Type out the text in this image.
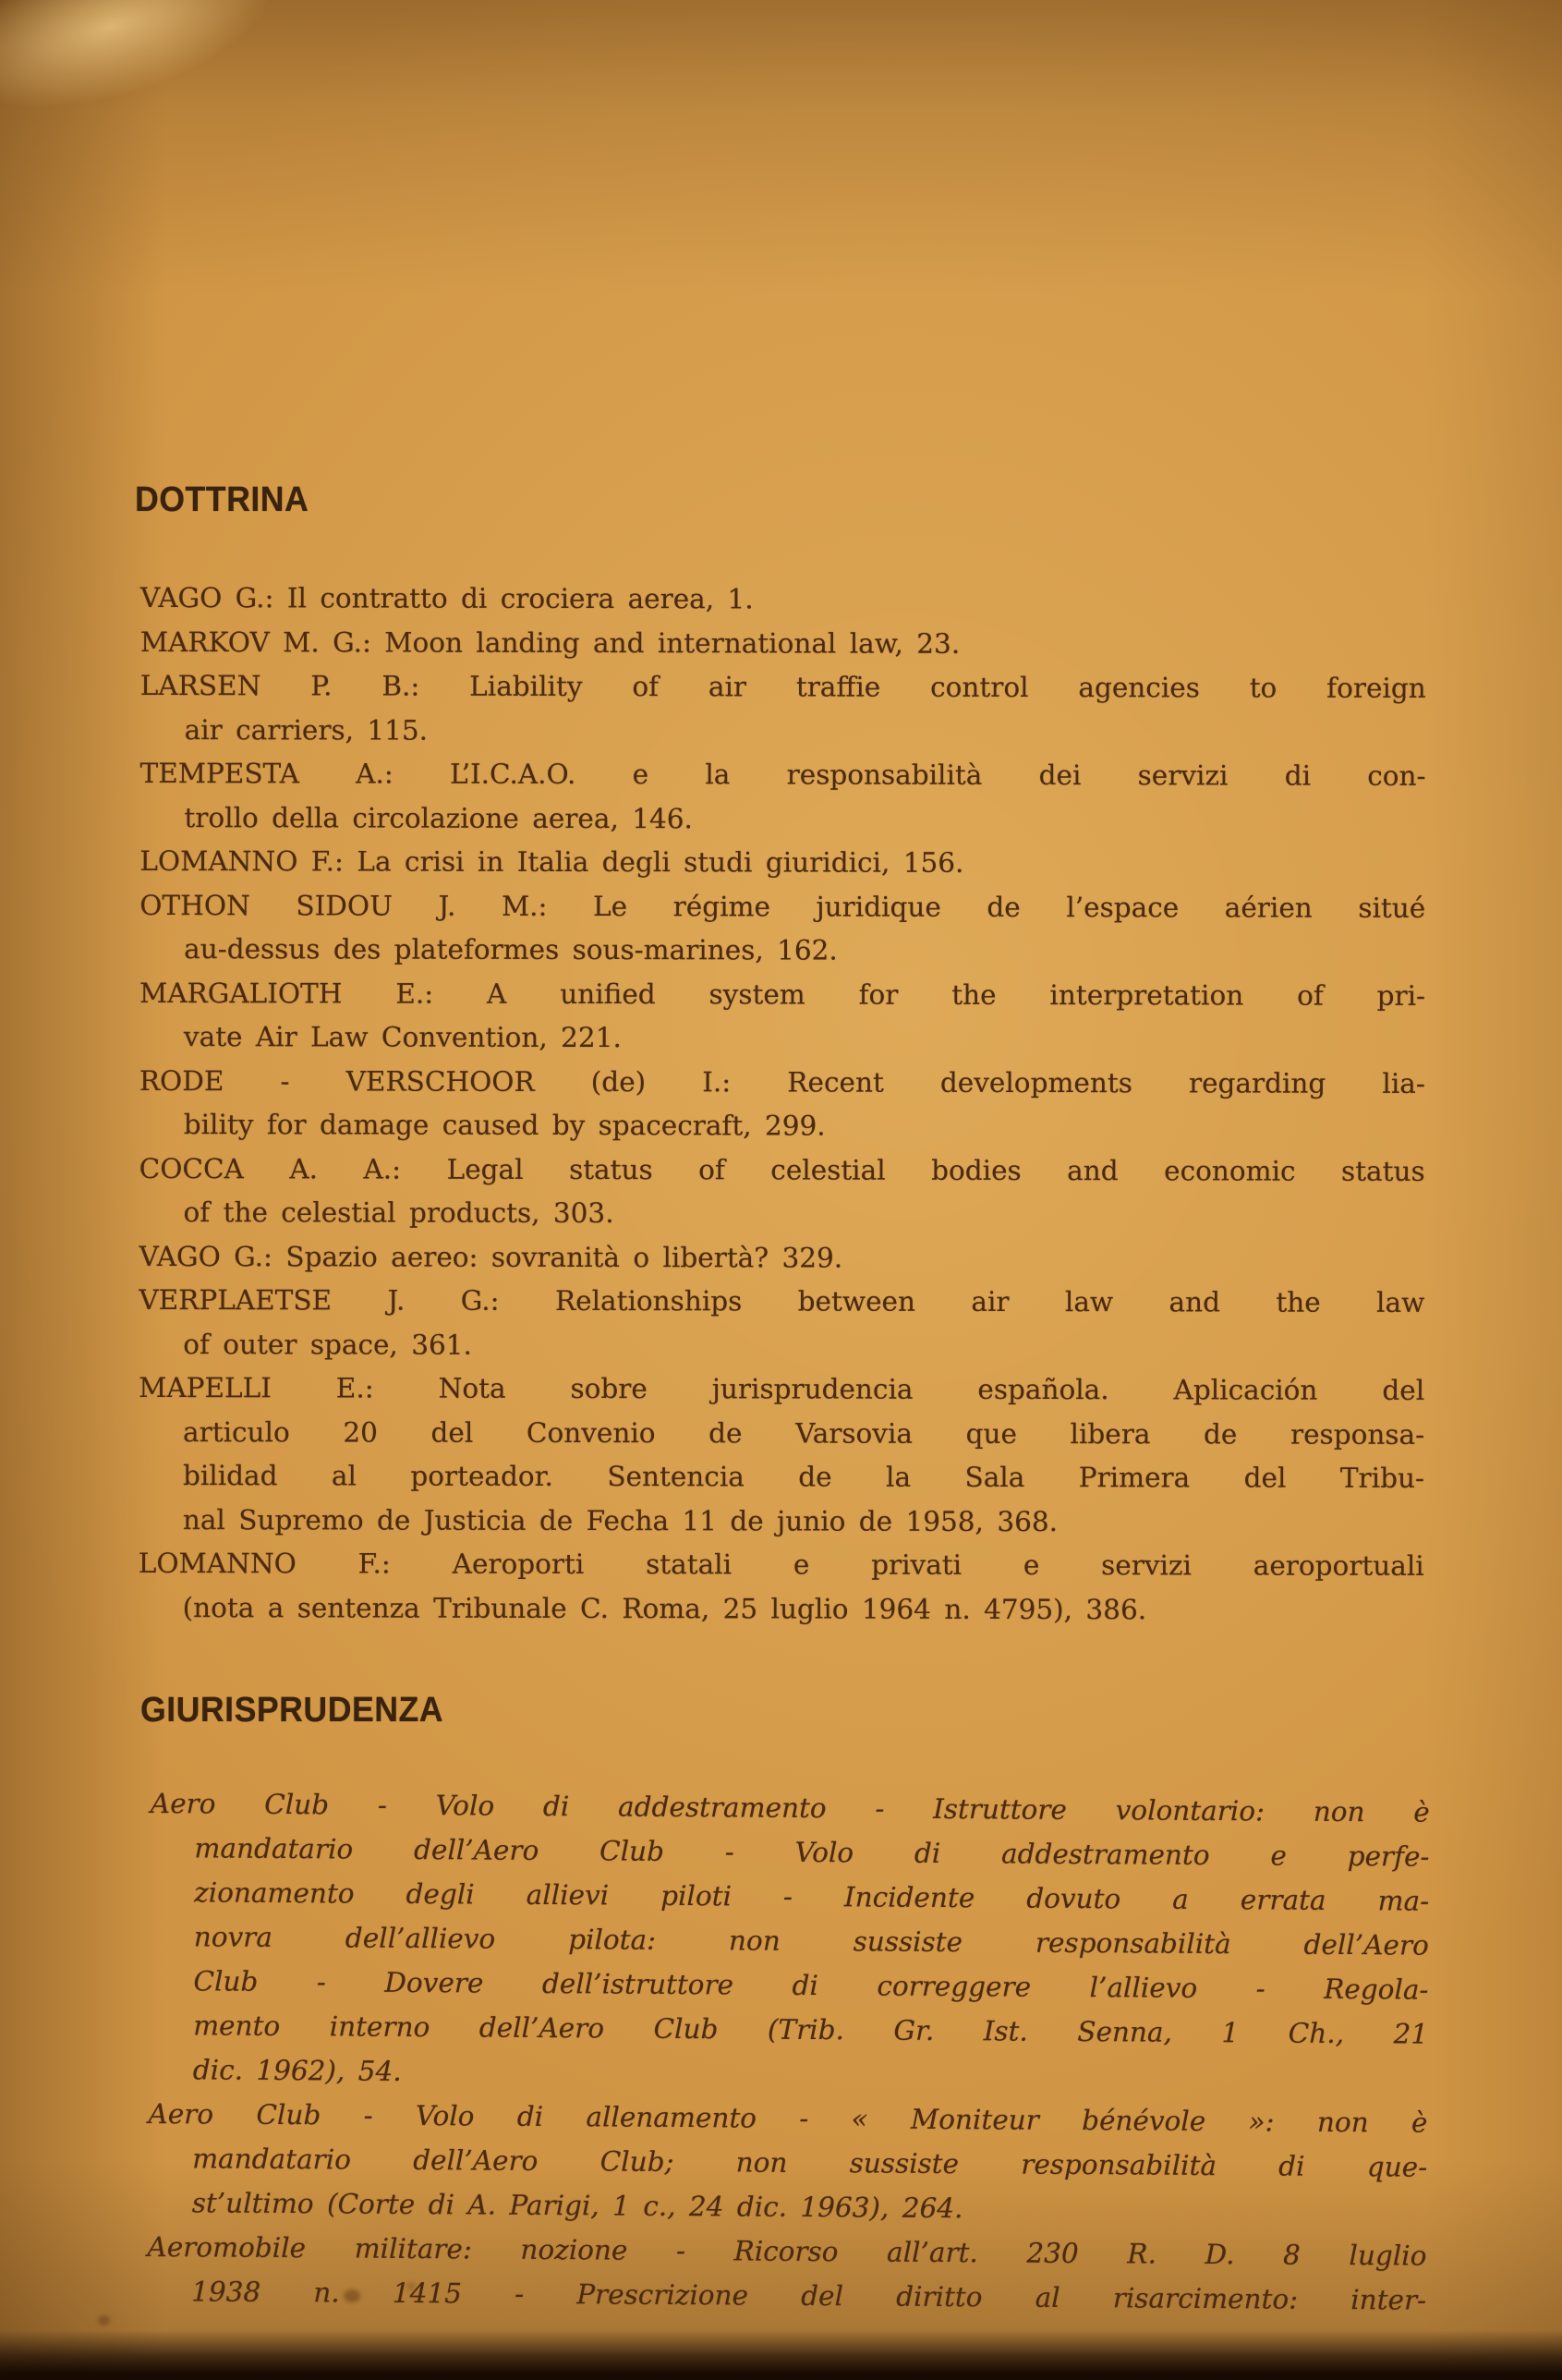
DOTTRINA
VAGO G.: Il contratto di crociera aerea, 1.
MARKOV M. G.: Moon landing and international law, 23.
LARSEN P. B.: Liability of air traffie control agencies to foreign
air carriers, 115.
TEMPESTA A.: L’I.C.A.O. e la responsabilità dei servizi di con-
trollo della circolazione aerea, 146.
LOMANNO F.: La crisi in Italia degli studi giuridici, 156.
OTHON SIDOU J. M.: Le régime juridique de l’espace aérien situé
au-dessus des plateformes sous-marines, 162.
MARGALIOTH E.: A unified system for the interpretation of pri-
vate Air Law Convention, 221.
RODE - VERSCHOOR (de) I.: Recent developments regarding lia-
bility for damage caused by spacecraft, 299.
COCCA A. A.: Legal status of celestial bodies and economic status
of the celestial products, 303.
VAGO G.: Spazio aereo: sovranità o libertà? 329.
VERPLAETSE J. G.: Relationships between air law and the law
of outer space, 361.
MAPELLI E.: Nota sobre jurisprudencia española. Aplicación del
articulo 20 del Convenio de Varsovia que libera de responsa-
bilidad al porteador. Sentencia de la Sala Primera del Tribu-
nal Supremo de Justicia de Fecha 11 de junio de 1958, 368.
LOMANNO F.: Aeroporti statali e privati e servizi aeroportuali
(nota a sentenza Tribunale C. Roma, 25 luglio 1964 n. 4795), 386.
GIURISPRUDENZA
Aero Club - Volo di addestramento - Istruttore volontario: non è
mandatario dell’Aero Club - Volo di addestramento e perfe-
zionamento degli allievi piloti - Incidente dovuto a errata ma-
novra dell’allievo pilota: non sussiste responsabilità dell’Aero
Club - Dovere dell’istruttore di correggere l’allievo - Regola-
mento interno dell’Aero Club (Trib. Gr. Ist. Senna, 1 Ch., 21
dic. 1962), 54.
Aero Club - Volo di allenamento - « Moniteur bénévole »: non è
mandatario dell’Aero Club; non sussiste responsabilità di que-
st’ultimo (Corte di A. Parigi, 1 c., 24 dic. 1963), 264.
Aeromobile militare: nozione - Ricorso all’art. 230 R. D. 8 luglio
1938 n. 1415 - Prescrizione del diritto al risarcimento: inter-
